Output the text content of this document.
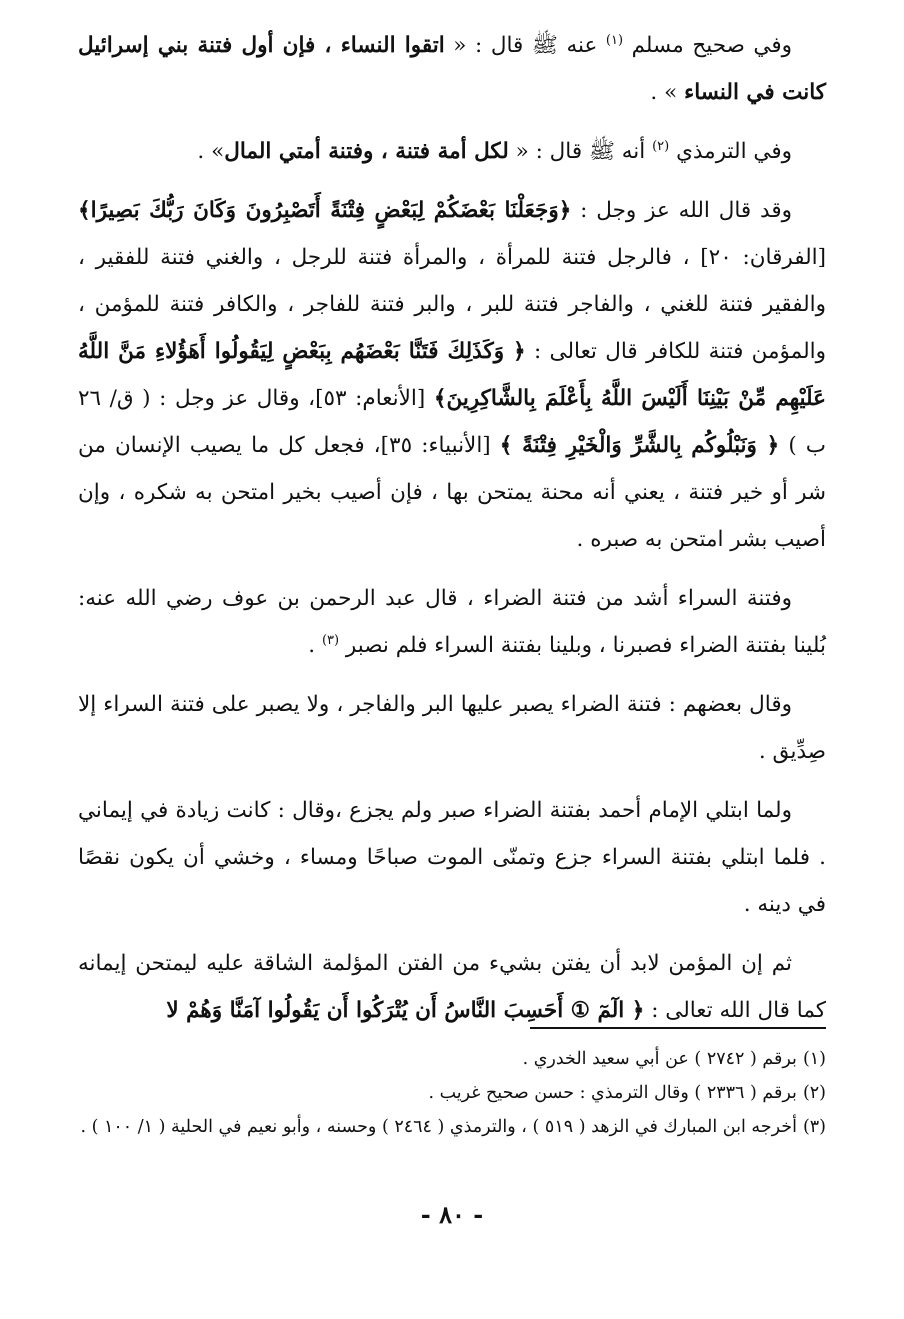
وفي صحيح مسلم $^{(١)}$ عنه ﷺ قال : « اتقوا النساء ، فإن أول فتنة بني إسرائيل كانت في النساء » .

وفي الترمذي $^{(٢)}$ أنه ﷺ قال : « لكل أمة فتنة ، وفتنة أمتي المال» .

وقد قال الله عز وجل : ﴿وَجَعَلْنَا بَعْضَكُمْ لِبَعْضٍ فِتْنَةً أَتَصْبِرُونَ وَكَانَ رَبُّكَ بَصِيرًا﴾ [الفرقان: ٢٠] ، فالرجل فتنة للمرأة ، والمرأة فتنة للرجل ، والغني فتنة للفقير ، والفقير فتنة للغني ، والفاجر فتنة للبر ، والبر فتنة للفاجر ، والكافر فتنة للمؤمن ، والمؤمن فتنة للكافر قال تعالى : ﴿ وَكَذَلِكَ فَتَنَّا بَعْضَهُم بِبَعْضٍ لِيَقُولُوا أَهَؤُلاءِ مَنَّ اللَّهُ عَلَيْهِم مِّنْ بَيْنِنَا أَلَيْسَ اللَّهُ بِأَعْلَمَ بِالشَّاكِرِينَ﴾ [الأنعام: ٥٣]، وقال عز وجل : ( ق/ ٢٦ ب ) ﴿ وَنَبْلُوكُم بِالشَّرِّ وَالْخَيْرِ فِتْنَةً ﴾ [الأنبياء: ٣٥]، فجعل كل ما يصيب الإنسان من شر أو خير فتنة ، يعني أنه محنة يمتحن بها ، فإن أصيب بخير امتحن به شكره ، وإن أصيب بشر امتحن به صبره .

وفتنة السراء أشد من فتنة الضراء ، قال عبد الرحمن بن عوف رضي الله عنه: بُلينا بفتنة الضراء فصبرنا ، وبلينا بفتنة السراء فلم نصبر $^{(٣)}$ .

وقال بعضهم : فتنة الضراء يصبر عليها البر والفاجر ، ولا يصبر على فتنة السراء إلا صِدِّيق .

ولما ابتلي الإمام أحمد بفتنة الضراء صبر ولم يجزع ،وقال : كانت زيادة في إيماني . فلما ابتلي بفتنة السراء جزع وتمنّى الموت صباحًا ومساء ، وخشي أن يكون نقصًا في دينه .

ثم إن المؤمن لابد أن يفتن بشيء من الفتن المؤلمة الشاقة عليه ليمتحن إيمانه كما قال الله تعالى : ﴿ الٓمٓ ① أَحَسِبَ النَّاسُ أَن يُتْرَكُوا أَن يَقُولُوا آمَنَّا وَهُمْ لا

(١)برقم ( ٢٧٤٢ ) عن أبي سعيد الخدري .

(٢)برقم ( ٢٣٣٦ ) وقال الترمذي : حسن صحيح غريب .

(٣)أخرجه ابن المبارك في الزهد ( ٥١٩ ) ، والترمذي ( ٢٤٦٤ ) وحسنه ، وأبو نعيم في الحلية ( ١/ ١٠٠ ) .

- ٨٠ -
